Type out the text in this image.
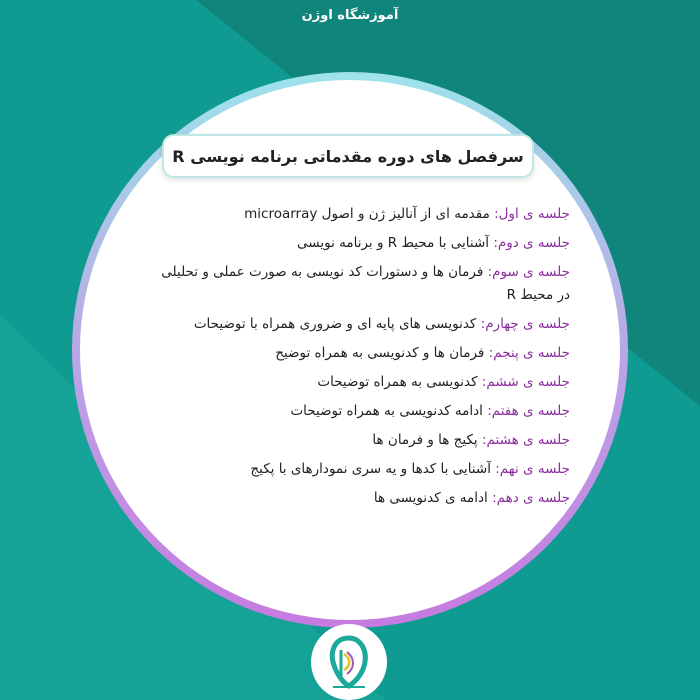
آموزشگاه اوژن
سرفصل های دوره مقدماتی برنامه نویسی R
جلسه ی اول: مقدمه ای از آنالیز ژن و اصول microarray
جلسه ی دوم: آشنایی با محیط R و برنامه نویسی
جلسه ی سوم: فرمان ها و دستورات کد نویسی به صورت عملی و تحلیلی در محیط R
جلسه ی چهارم: کدنویسی های پایه ای و ضروری همراه با توضیحات
جلسه ی پنجم: فرمان ها و کدنویسی به همراه توضیح
جلسه ی ششم: کدنویسی به همراه توضیحات
جلسه ی هفتم: ادامه کدنویسی به همراه توضیحات
جلسه ی هشتم: پکیج ها و فرمان ها
جلسه ی نهم: آشنایی با کدها و یه سری نمودارهای با پکیج
جلسه ی دهم: ادامه ی کدنویسی ها
